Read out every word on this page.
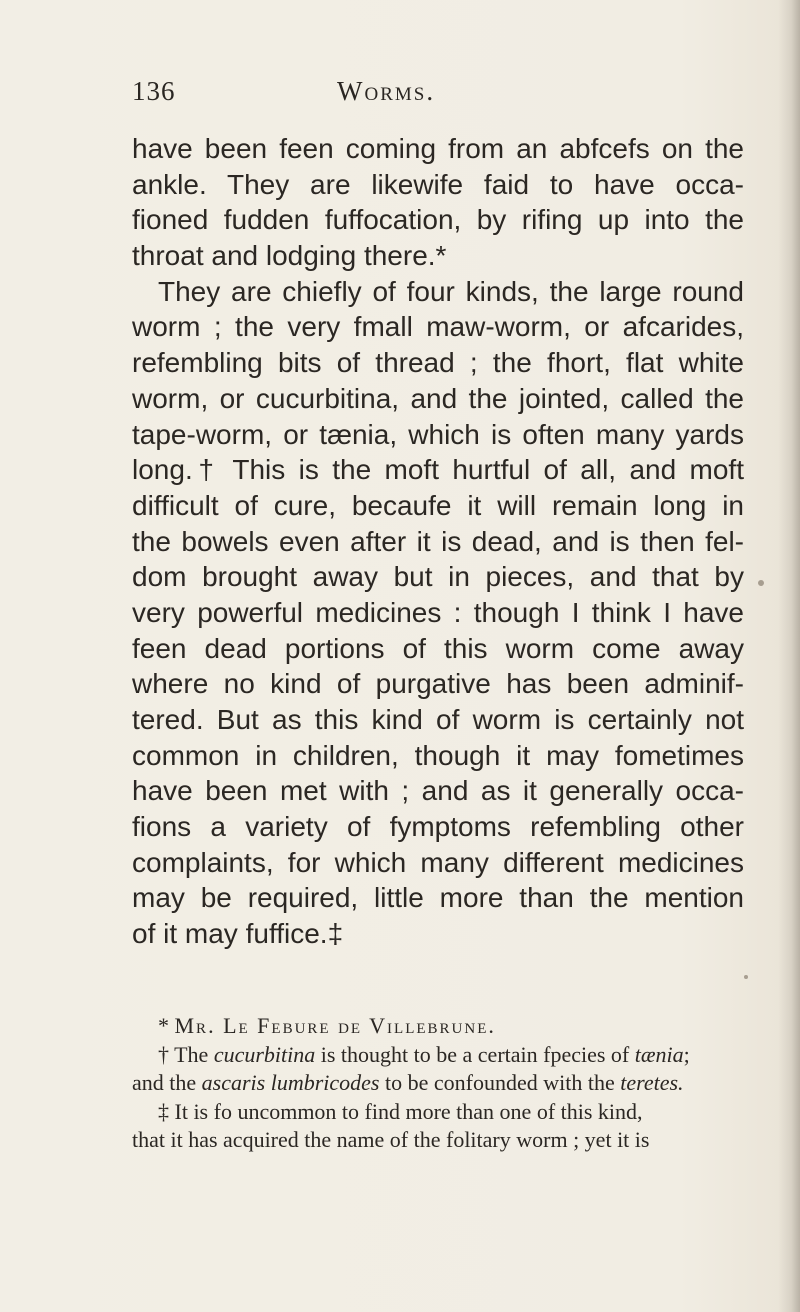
136	Worms.
have been feen coming from an abfcefs on the
ankle. They are likewife faid to have occa-
fioned fudden fuffocation, by rifing up into the
throat and lodging there.*
They are chiefly of four kinds, the large round
worm ; the very fmall maw-worm, or afcarides,
refembling bits of thread ; the fhort, flat white
worm, or cucurbitina, and the jointed, called the
tape-worm, or tænia, which is often many yards
long.† This is the moft hurtful of all, and moft
difficult of cure, becaufe it will remain long in
the bowels even after it is dead, and is then fel-
dom brought away but in pieces, and that by
very powerful medicines : though I think I have
feen dead portions of this worm come away
where no kind of purgative has been adminif-
tered. But as this kind of worm is certainly not
common in children, though it may fometimes
have been met with ; and as it generally occa-
fions a variety of fymptoms refembling other
complaints, for which many different medicines
may be required, little more than the mention
of it may fuffice.‡
* Mr. Le Febure de Villebrune.
† The cucurbitina is thought to be a certain fpecies of tænia;
and the ascaris lumbricodes to be confounded with the teretes.
‡ It is fo uncommon to find more than one of this kind,
that it has acquired the name of the folitary worm ; yet it is
